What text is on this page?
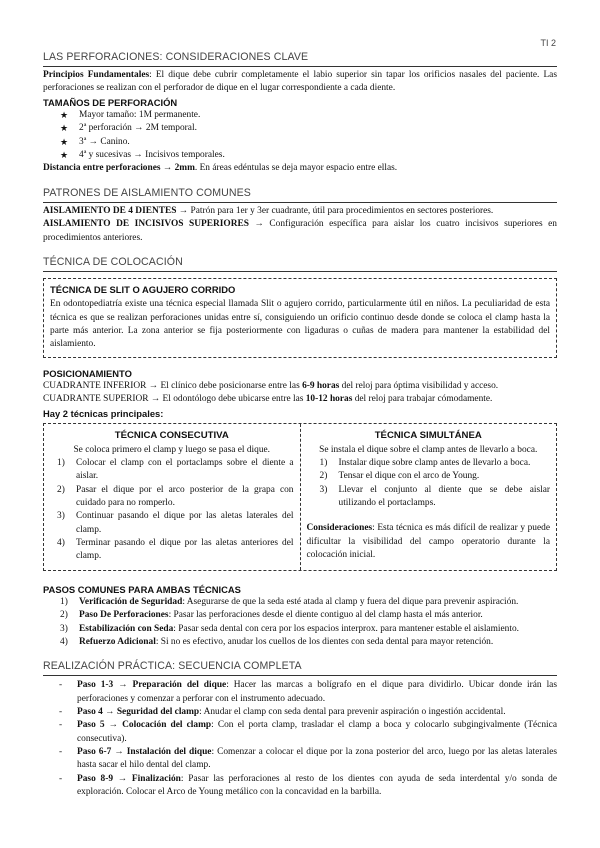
TI 2
LAS PERFORACIONES: CONSIDERACIONES CLAVE

Principios Fundamentales: El dique debe cubrir completamente el labio superior sin tapar los orificios nasales del paciente. Las perforaciones se realizan con el perforador de dique en el lugar correspondiente a cada diente.

TAMAÑOS DE PERFORACIÓN
★ Mayor tamaño: 1M permanente.
★ 2ª perforación → 2M temporal.
★ 3ª → Canino.
★ 4ª y sucesivas → Incisivos temporales.

Distancia entre perforaciones → 2mm. En áreas edéntulas se deja mayor espacio entre ellas.

PATRONES DE AISLAMIENTO COMUNES

AISLAMIENTO DE 4 DIENTES → Patrón para 1er y 3er cuadrante, útil para procedimientos en sectores posteriores.

AISLAMIENTO DE INCISIVOS SUPERIORES → Configuración específica para aislar los cuatro incisivos superiores en procedimientos anteriores.

TÉCNICA DE COLOCACIÓN
TÉCNICA DE SLIT O AGUJERO CORRIDO

En odontopediatría existe una técnica especial llamada Slit o agujero corrido, particularmente útil en niños. La peculiaridad de esta técnica es que se realizan perforaciones unidas entre sí, consiguiendo un orificio continuo desde donde se coloca el clamp hasta la parte más anterior. La zona anterior se fija posteriormente con ligaduras o cuñas de madera para mantener la estabilidad del aislamiento.

POSICIONAMIENTO

CUADRANTE INFERIOR → El clínico debe posicionarse entre las 6-9 horas del reloj para óptima visibilidad y acceso.

CUADRANTE SUPERIOR → El odontólogo debe ubicarse entre las 10-12 horas del reloj para trabajar cómodamente.

Hay 2 técnicas principales:
TÉCNICA CONSECUTIVA
Se coloca primero el clamp y luego se pasa el dique.
1) Colocar el clamp con el portaclamps sobre el diente a aislar.
2) Pasar el dique por el arco posterior de la grapa con cuidado para no romperlo.
3) Continuar pasando el dique por las aletas laterales del clamp.
4) Terminar pasando el dique por las aletas anteriores del clamp.
TÉCNICA SIMULTÁNEA
Se instala el dique sobre el clamp antes de llevarlo a boca.
1) Instalar dique sobre clamp antes de llevarlo a boca.
2) Tensar el dique con el arco de Young.
3) Llevar el conjunto al diente que se debe aislar utilizando el portaclamps.

Consideraciones: Esta técnica es más difícil de realizar y puede dificultar la visibilidad del campo operatorio durante la colocación inicial.

PASOS COMUNES PARA AMBAS TÉCNICAS
1) Verificación de Seguridad: Asegurarse de que la seda esté atada al clamp y fuera del dique para prevenir aspiración.
2) Paso De Perforaciones: Pasar las perforaciones desde el diente contiguo al del clamp hasta el más anterior.
3) Estabilización con Seda: Pasar seda dental con cera por los espacios interprox. para mantener estable el aislamiento.
4) Refuerzo Adicional: Si no es efectivo, anudar los cuellos de los dientes con seda dental para mayor retención.
REALIZACIÓN PRÁCTICA: SECUENCIA COMPLETA
- Paso 1-3 → Preparación del dique: Hacer las marcas a bolígrafo en el dique para dividirlo. Ubicar donde irán las perforaciones y comenzar a perforar con el instrumento adecuado.
- Paso 4 → Seguridad del clamp: Anudar el clamp con seda dental para prevenir aspiración o ingestión accidental.
- Paso 5 → Colocación del clamp: Con el porta clamp, trasladar el clamp a boca y colocarlo subgingivalmente (Técnica consecutiva).
- Paso 6-7 → Instalación del dique: Comenzar a colocar el dique por la zona posterior del arco, luego por las aletas laterales hasta sacar el hilo dental del clamp.
- Paso 8-9 → Finalización: Pasar las perforaciones al resto de los dientes con ayuda de seda interdental y/o sonda de exploración. Colocar el Arco de Young metálico con la concavidad en la barbilla.
